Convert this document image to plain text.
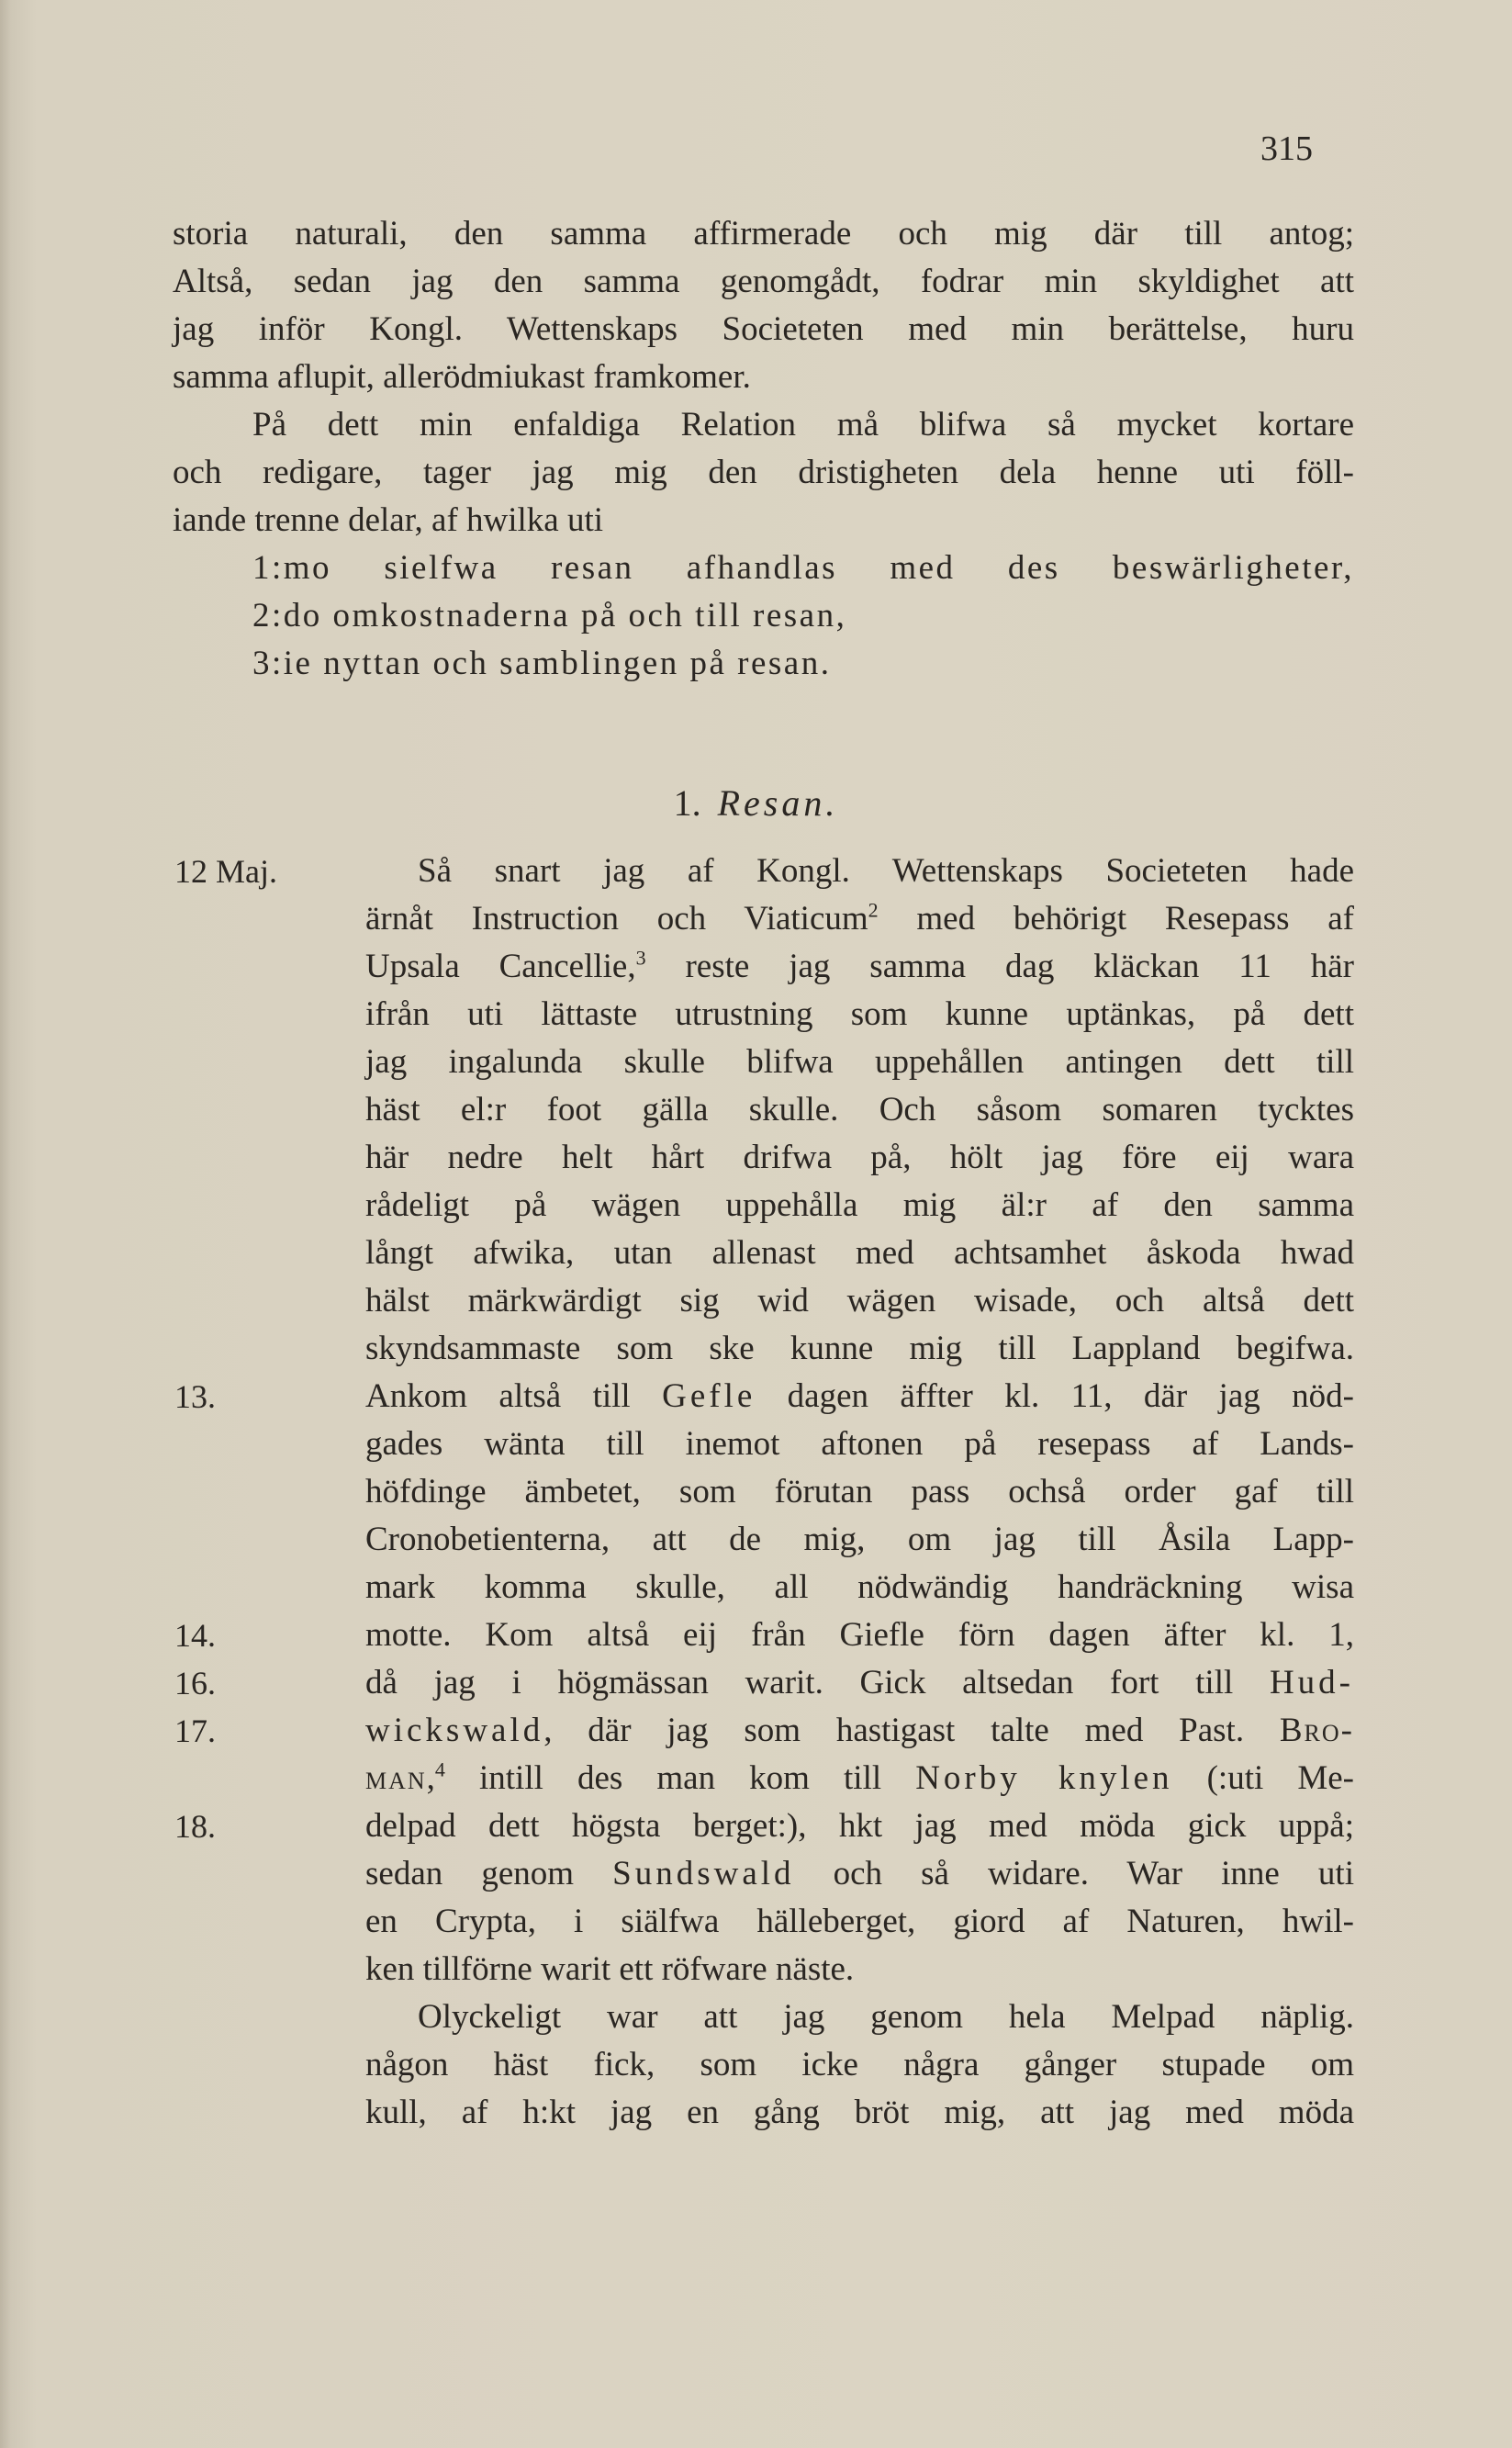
315
storia naturali, den samma affirmerade och mig där till antog;
Altså, sedan jag den samma genomgådt, fodrar min skyldighet att
jag inför Kongl. Wettenskaps Societeten med min berättelse, huru
samma aflupit, allerödmiukast framkomer.
På dett min enfaldiga Relation må blifwa så mycket kortare
och redigare, tager jag mig den dristigheten dela henne uti föll-
iande trenne delar, af hwilka uti
1:mo sielfwa resan afhandlas med des beswärligheter,
2:do omkostnaderna på och till resan,
3:ie nyttan och samblingen på resan.
1. Resan.
12 Maj.
13.
14.
16.
17.
18.
Så snart jag af Kongl. Wettenskaps Societeten hade
ärnåt Instruction och Viaticum$^2$ med behörigt Resepass af
Upsala Cancellie,$^3$ reste jag samma dag kläckan 11 här
ifrån uti lättaste utrustning som kunne uptänkas, på dett
jag ingalunda skulle blifwa uppehållen antingen dett till
häst el:r foot gälla skulle. Och såsom somaren tycktes
här nedre helt hårt drifwa på, hölt jag före eij wara
rådeligt på wägen uppehålla mig äl:r af den samma
långt afwika, utan allenast med achtsamhet åskoda hwad
hälst märkwärdigt sig wid wägen wisade, och altså dett
skyndsammaste som ske kunne mig till Lappland begifwa.
Ankom altså till Gefle dagen äffter kl. 11, där jag nöd-
gades wänta till inemot aftonen på resepass af Lands-
höfdinge ämbetet, som förutan pass ochså order gaf till
Cronobetienterna, att de mig, om jag till Åsila Lapp-
mark komma skulle, all nödwändig handräckning wisa
motte. Kom altså eij från Giefle förn dagen äfter kl. 1,
då jag i högmässan warit. Gick altsedan fort till Hud-
wickswald, där jag som hastigast talte med Past. Bro-
man,$^4$ intill des man kom till Norby knylen (:uti Me-
delpad dett högsta berget:), hkt jag med möda gick uppå;
sedan genom Sundswald och så widare. War inne uti
en Crypta, i siälfwa hälleberget, giord af Naturen, hwil-
ken tillförne warit ett röfware näste.
Olyckeligt war att jag genom hela Melpad näplig.
någon häst fick, som icke några gånger stupade om
kull, af h:kt jag en gång bröt mig, att jag med möda
